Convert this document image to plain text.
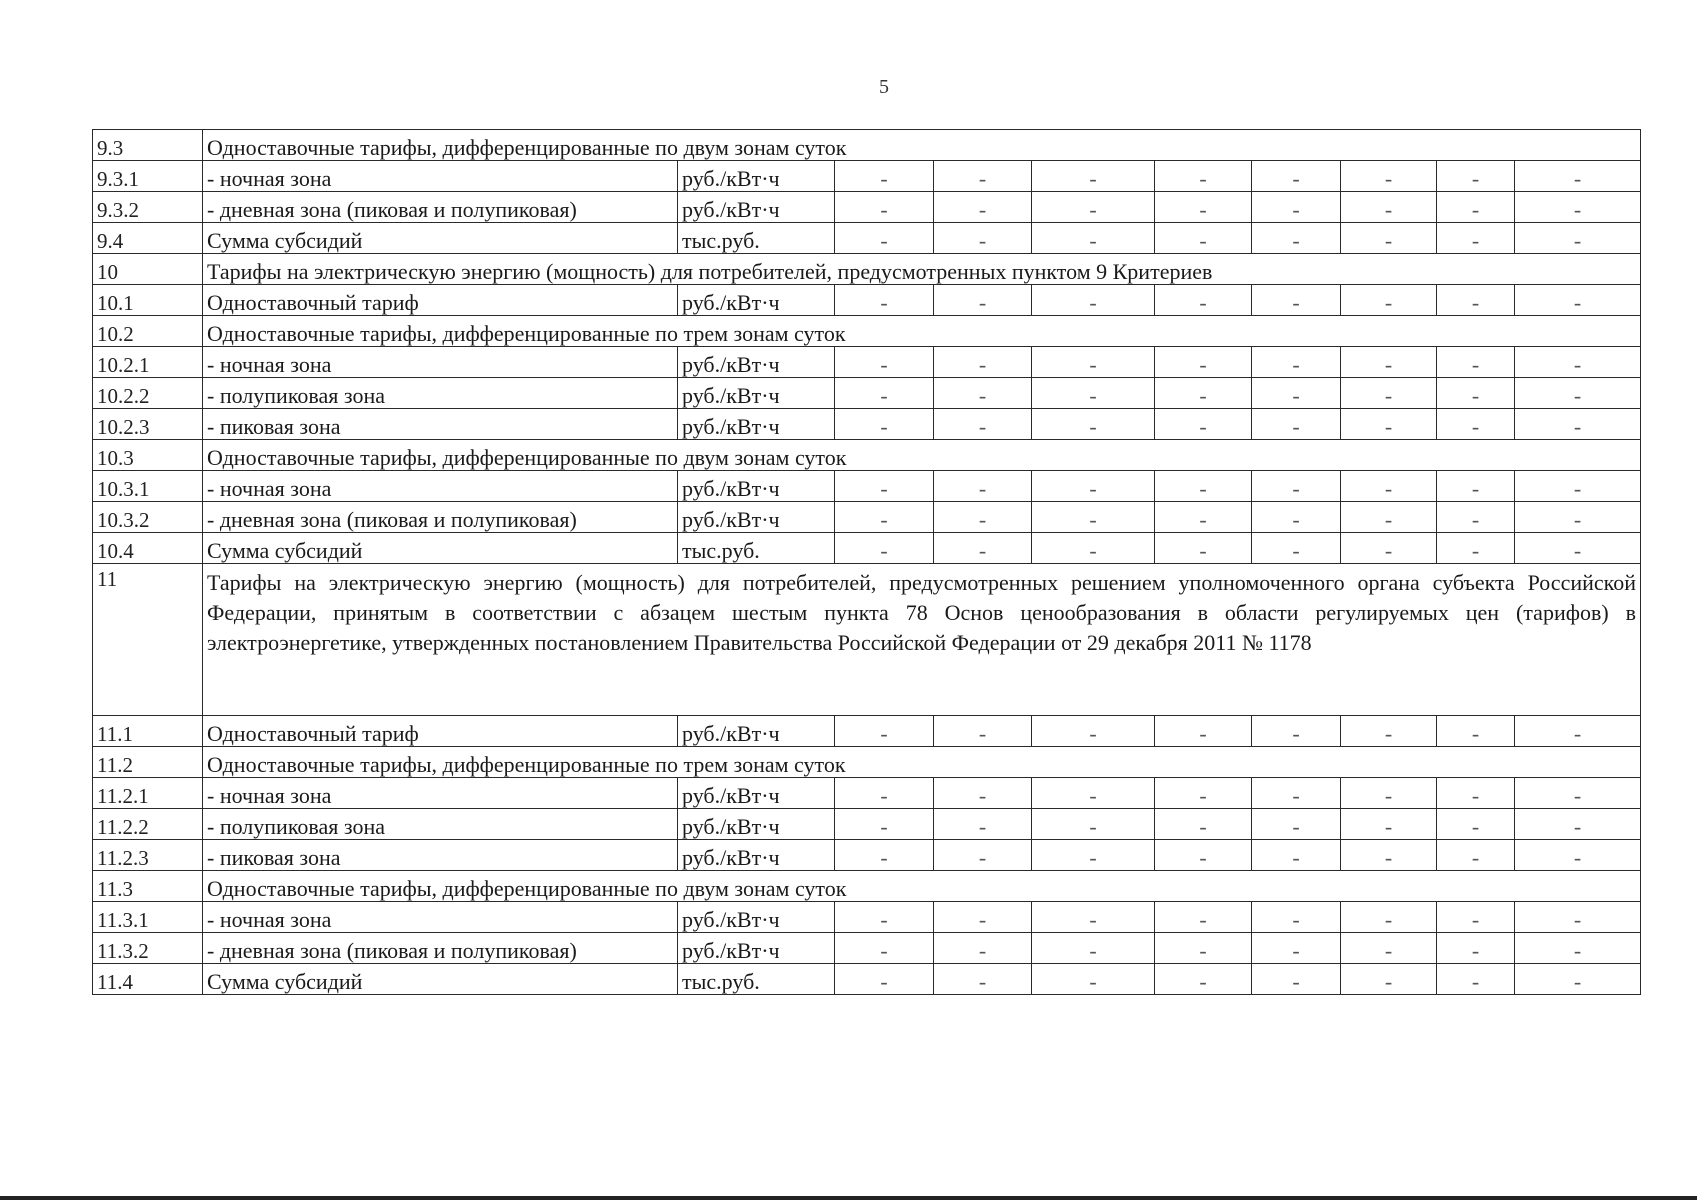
5
9.3	Одноставочные тарифы, дифференцированные по двум зонам суток									
9.3.1	- ночная зона	руб./кВт·ч	-	-	-	-	-	-	-	-
9.3.2	- дневная зона (пиковая и полупиковая)	руб./кВт·ч	-	-	-	-	-	-	-	-
9.4	Сумма субсидий	тыс.руб.	-	-	-	-	-	-	-	-
10	Тарифы на электрическую энергию (мощность) для потребителей, предусмотренных пунктом 9 Критериев									
10.1	Одноставочный тариф	руб./кВт·ч	-	-	-	-	-	-	-	-
10.2	Одноставочные тарифы, дифференцированные по трем зонам суток									
10.2.1	- ночная зона	руб./кВт·ч	-	-	-	-	-	-	-	-
10.2.2	- полупиковая зона	руб./кВт·ч	-	-	-	-	-	-	-	-
10.2.3	- пиковая зона	руб./кВт·ч	-	-	-	-	-	-	-	-
10.3	Одноставочные тарифы, дифференцированные по двум зонам суток									
10.3.1	- ночная зона	руб./кВт·ч	-	-	-	-	-	-	-	-
10.3.2	- дневная зона (пиковая и полупиковая)	руб./кВт·ч	-	-	-	-	-	-	-	-
10.4	Сумма субсидий	тыс.руб.	-	-	-	-	-	-	-	-
11	Тарифы на электрическую энергию (мощность) для потребителей, предусмотренных решением уполномоченного органа субъекта Российской Федерации, принятым в соответствии с абзацем шестым пункта 78 Основ ценообразования в области регулируемых цен (тарифов) в электроэнергетике, утвержденных постановлением Правительства Российской Федерации от 29 декабря 2011 № 1178									
11.1	Одноставочный тариф	руб./кВт·ч	-	-	-	-	-	-	-	-
11.2	Одноставочные тарифы, дифференцированные по трем зонам суток									
11.2.1	- ночная зона	руб./кВт·ч	-	-	-	-	-	-	-	-
11.2.2	- полупиковая зона	руб./кВт·ч	-	-	-	-	-	-	-	-
11.2.3	- пиковая зона	руб./кВт·ч	-	-	-	-	-	-	-	-
11.3	Одноставочные тарифы, дифференцированные по двум зонам суток									
11.3.1	- ночная зона	руб./кВт·ч	-	-	-	-	-	-	-	-
11.3.2	- дневная зона (пиковая и полупиковая)	руб./кВт·ч	-	-	-	-	-	-	-	-
11.4	Сумма субсидий	тыс.руб.	-	-	-	-	-	-	-	-
